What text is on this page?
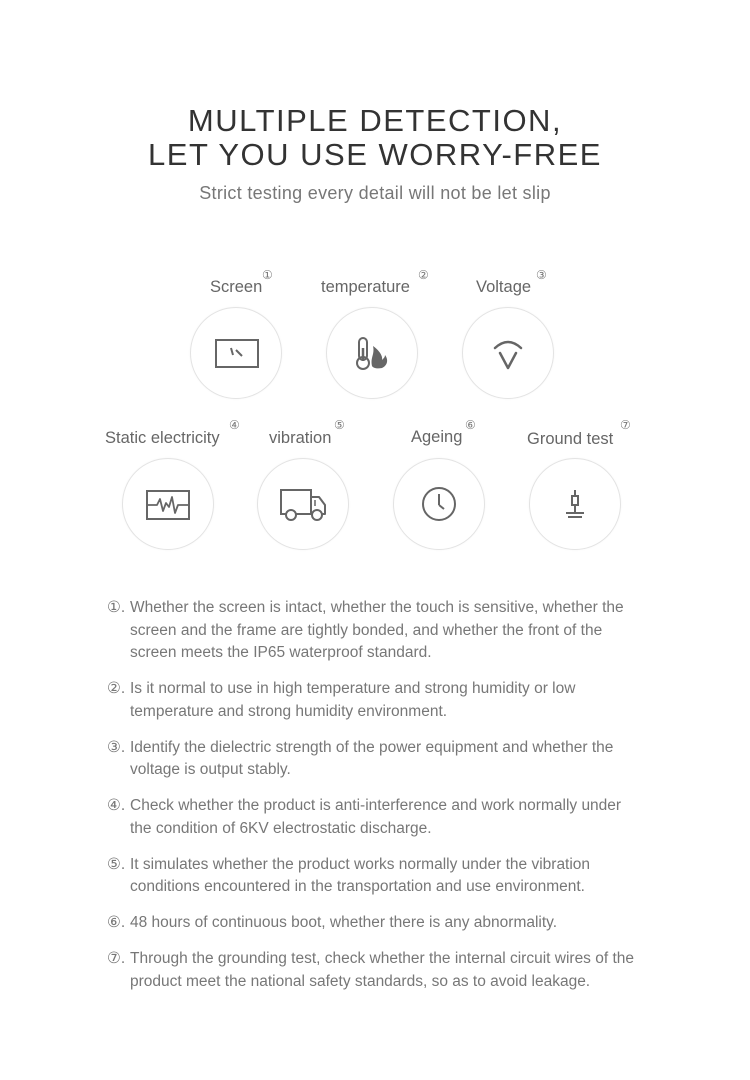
MULTIPLE DETECTION,
LET YOU USE WORRY-FREE
Strict testing every detail will not be let slip
Screen
①
temperature
②
Voltage
③
Static electricity
④
vibration
⑤
Ageing
⑥
Ground test
⑦
①. Whether the screen is intact, whether the touch is sensitive, whether the screen and the frame are tightly bonded, and whether the front of the screen meets the IP65 waterproof standard.
②. Is it normal to use in high temperature and strong humidity or low temperature and strong humidity environment.
③. Identify the dielectric strength of the power equipment and whether the voltage is output stably.
④. Check whether the product is anti-interference and work normally under the condition of 6KV electrostatic discharge.
⑤. It simulates whether the product works normally under the vibration conditions encountered in the transportation and use environment.
⑥. 48 hours of continuous boot, whether there is any abnormality.
⑦. Through the grounding test, check whether the internal circuit wires of the product meet the national safety standards, so as to avoid leakage.
